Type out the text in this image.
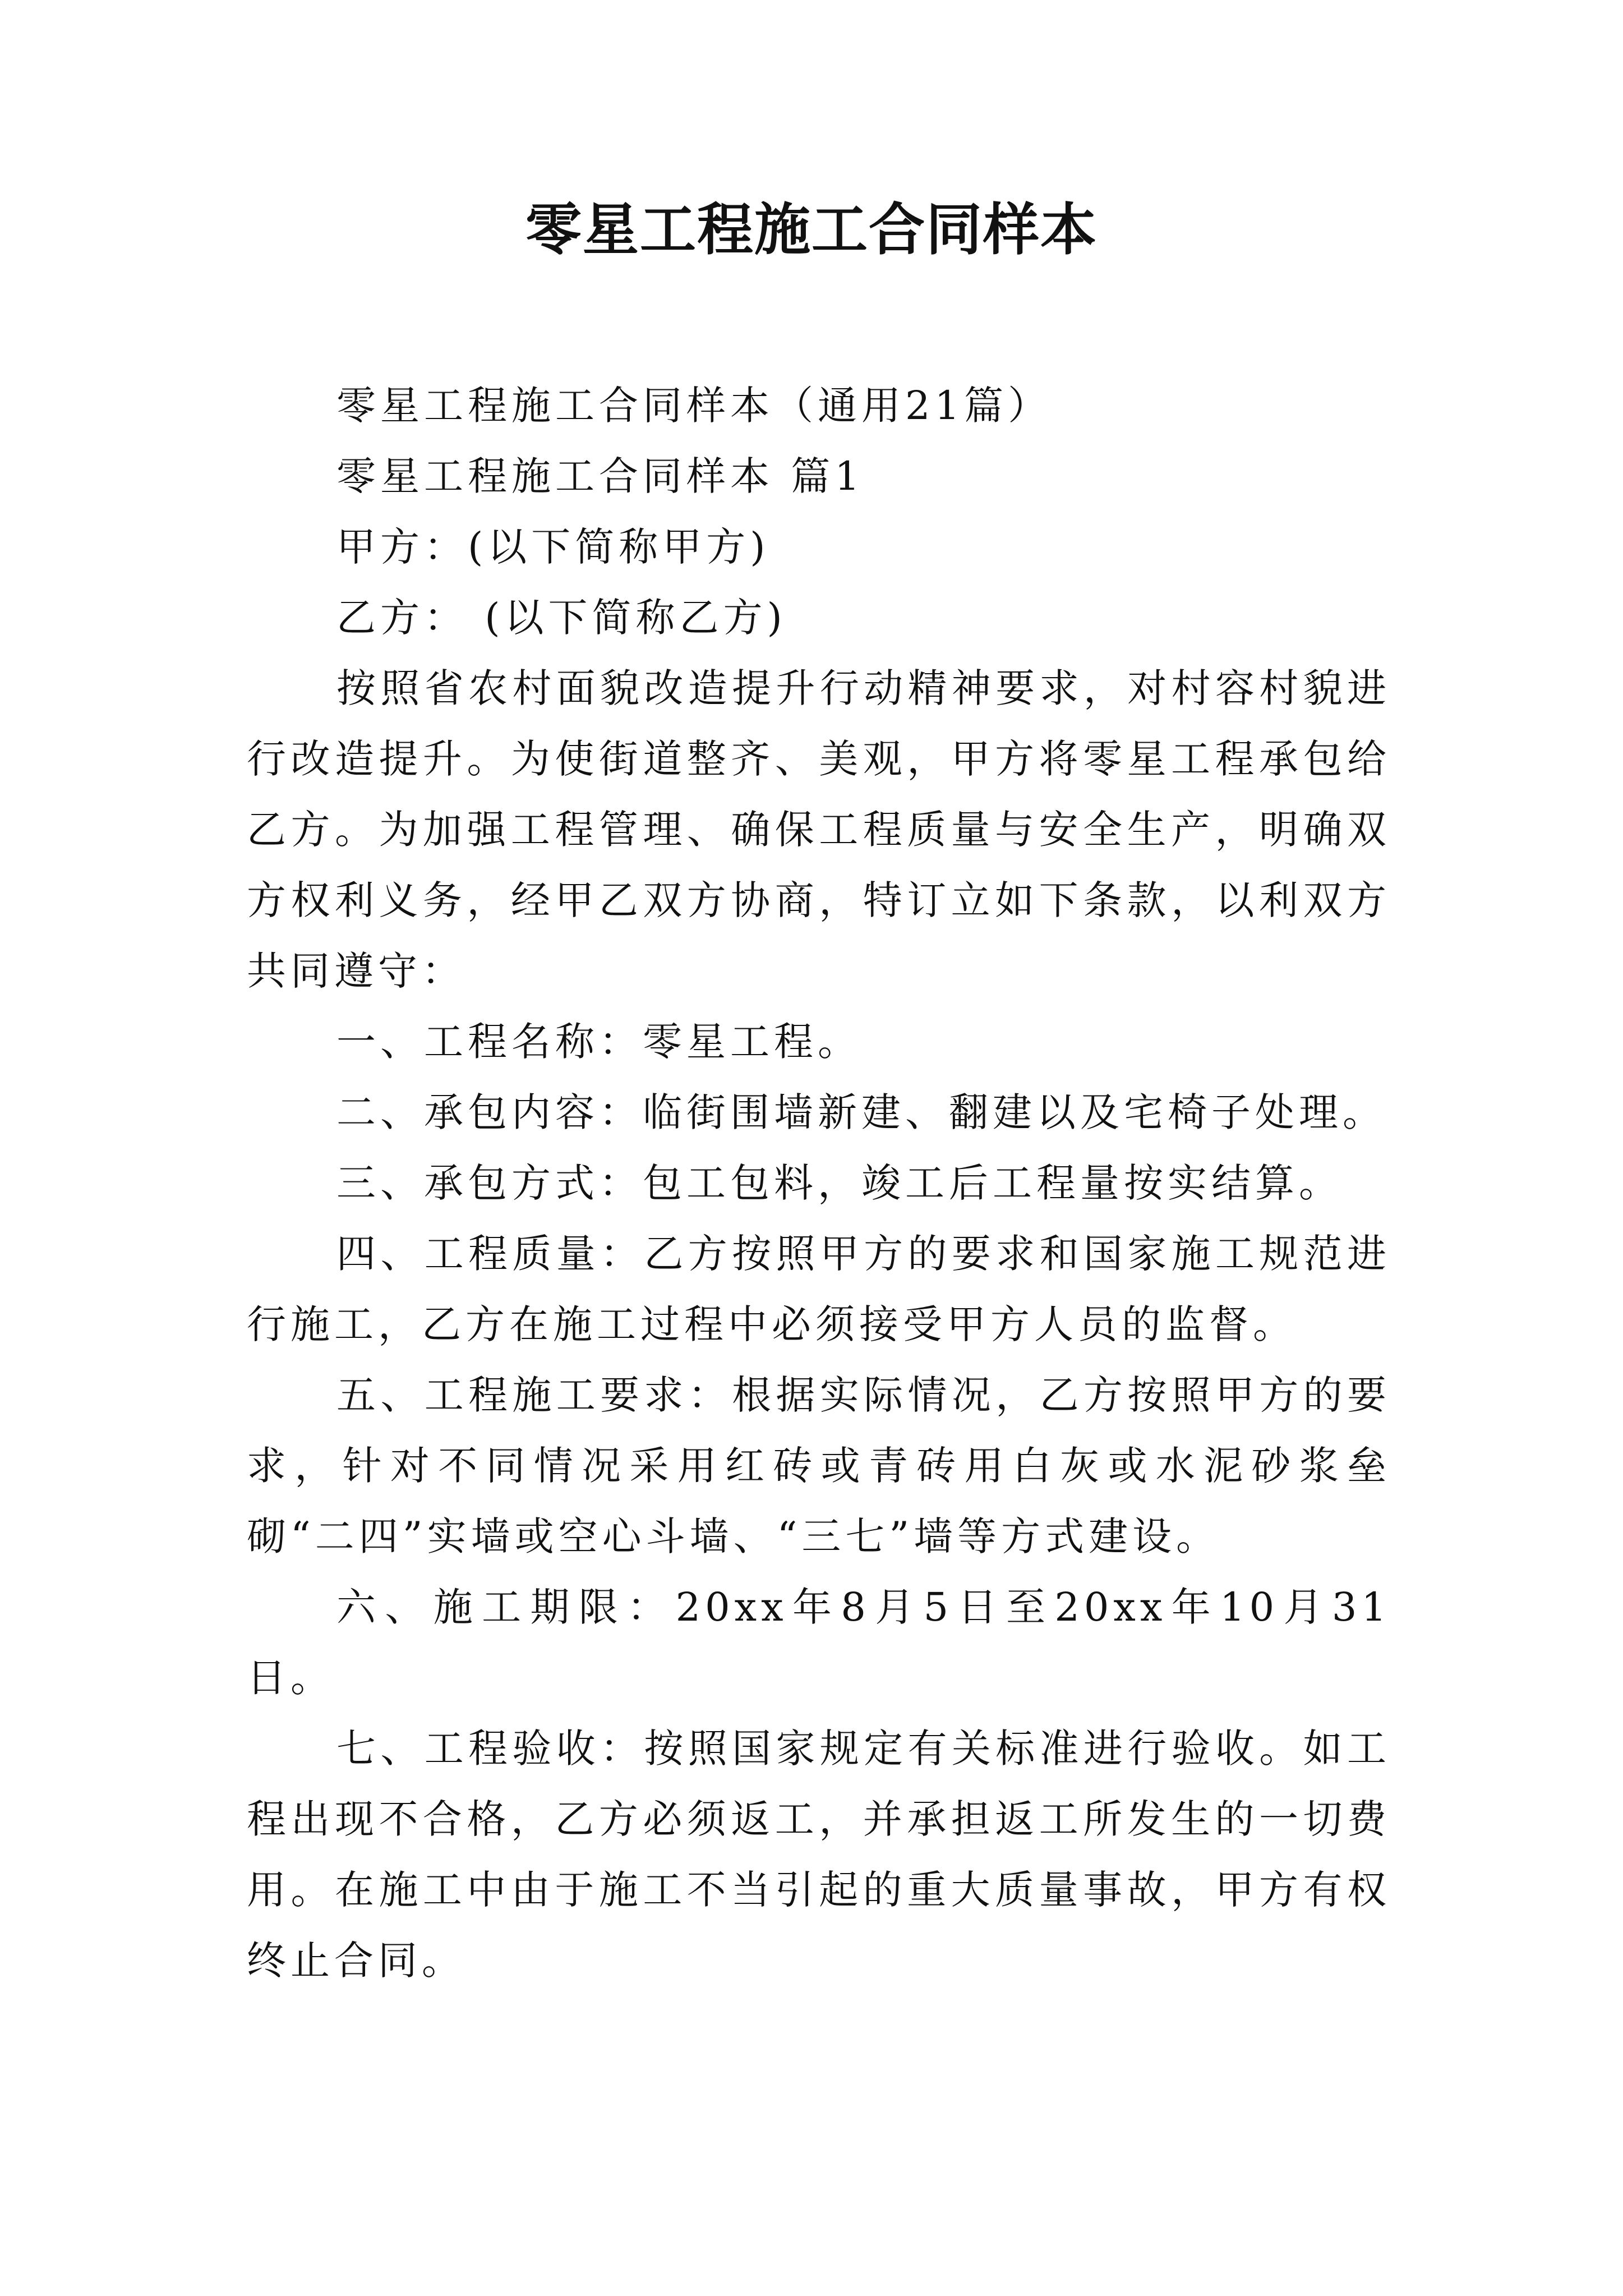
零星工程施工合同样本

零星工程施工合同样本（通用21篇）

零星工程施工合同样本 篇1

甲方：(以下简称甲方)

乙方： (以下简称乙方)

按照省农村面貌改造提升行动精神要求，对村容村貌进行改造提升。为使街道整齐、美观，甲方将零星工程承包给乙方。为加强工程管理、确保工程质量与安全生产，明确双方权利义务，经甲乙双方协商，特订立如下条款，以利双方共同遵守：

一、工程名称：零星工程。

二、承包内容：临街围墙新建、翻建以及宅椅子处理。

三、承包方式：包工包料，竣工后工程量按实结算。

四、工程质量：乙方按照甲方的要求和国家施工规范进行施工，乙方在施工过程中必须接受甲方人员的监督。

五、工程施工要求：根据实际情况，乙方按照甲方的要求，针对不同情况采用红砖或青砖用白灰或水泥砂浆垒砌“二四”实墙或空心斗墙、“三七”墙等方式建设。

六、施工期限：20xx年8月5日至20xx年10月31日。

七、工程验收：按照国家规定有关标准进行验收。如工程出现不合格，乙方必须返工，并承担返工所发生的一切费用。在施工中由于施工不当引起的重大质量事故，甲方有权终止合同。
